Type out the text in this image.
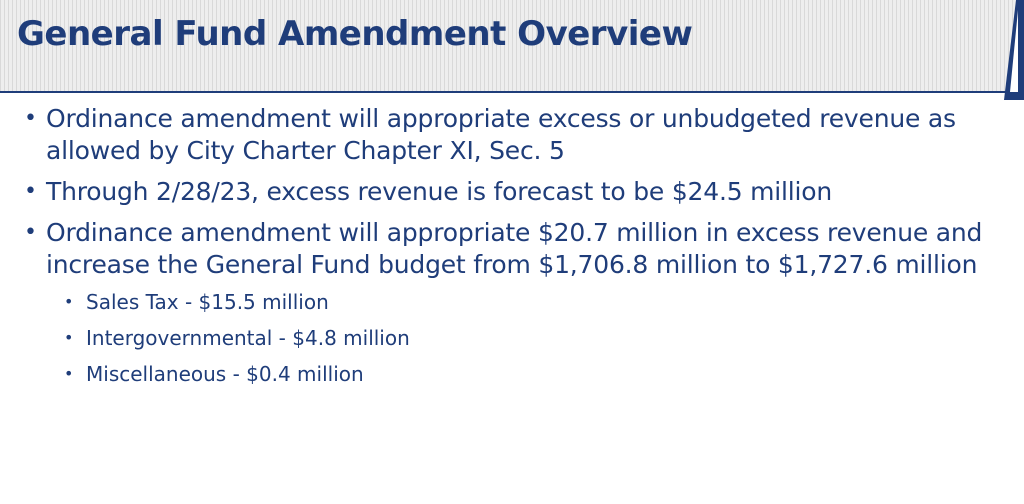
General Fund Amendment Overview
• Ordinance amendment will appropriate excess or unbudgeted revenue as allowed by City Charter Chapter XI, Sec. 5
• Through 2/28/23, excess revenue is forecast to be $24.5 million
• Ordinance amendment will appropriate $20.7 million in excess revenue and increase the General Fund budget from $1,706.8 million to $1,727.6 million
• Sales Tax - $15.5 million
• Intergovernmental - $4.8 million
• Miscellaneous - $0.4 million
